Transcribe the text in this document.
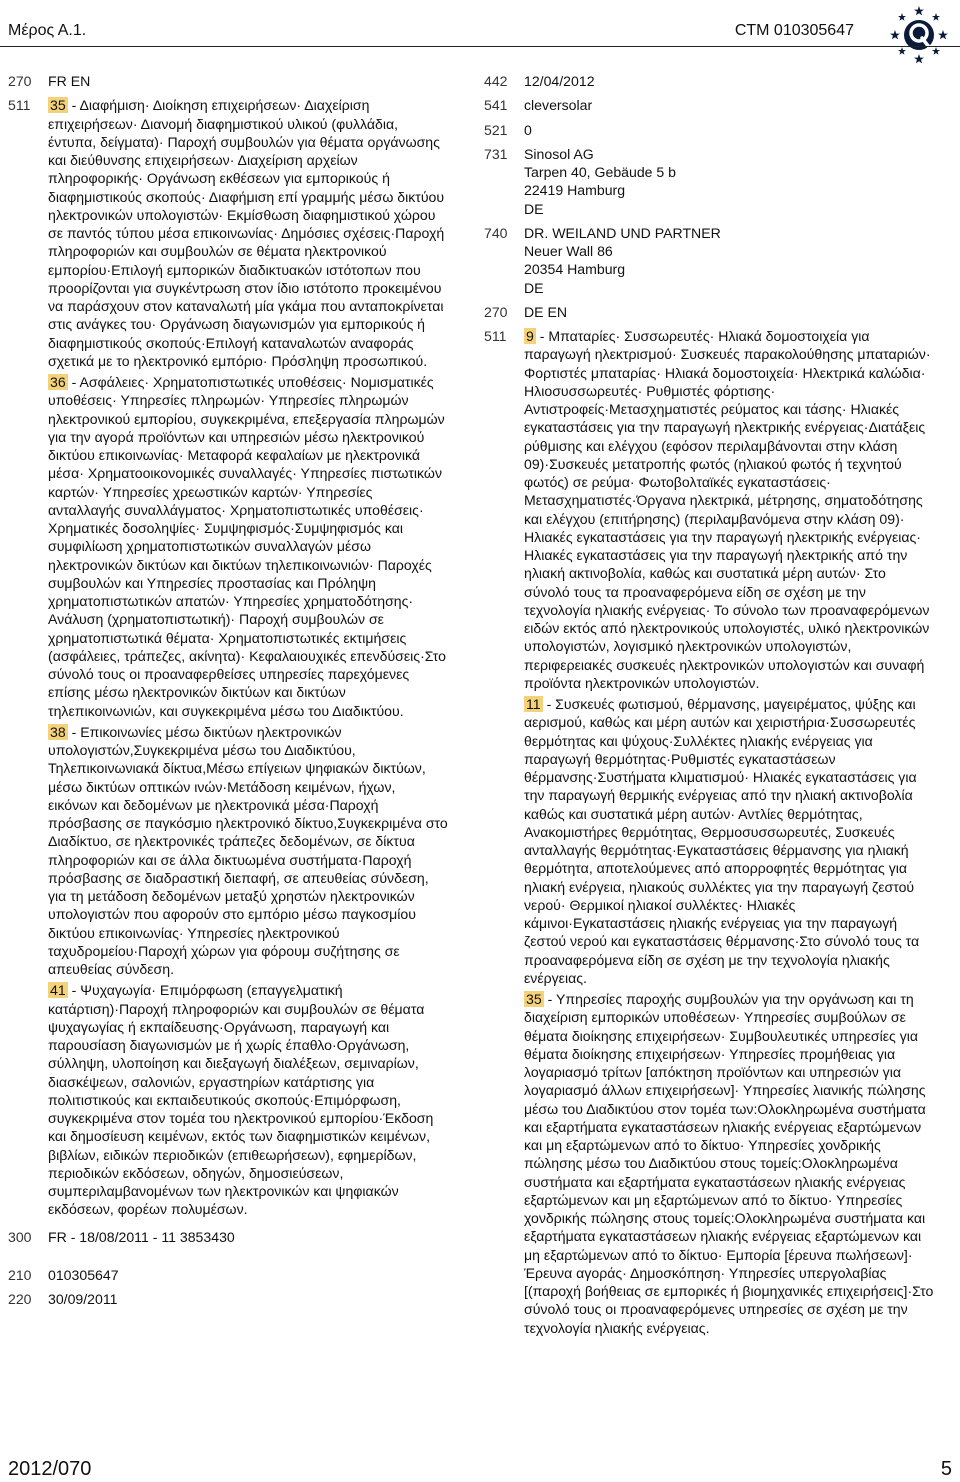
Μέρος Α.1.	CTM 010305647
270	FR EN
511	35 - Διαφήμιση· Διοίκηση επιχειρήσεων· Διαχείριση επιχειρήσεων· Διανομή διαφημιστικού υλικού (φυλλάδια, έντυπα, δείγματα)· Παροχή συμβουλών για θέματα οργάνωσης και διεύθυνσης επιχειρήσεων· Διαχείριση αρχείων πληροφορικής· Οργάνωση εκθέσεων για εμπορικούς ή διαφημιστικούς σκοπούς· Διαφήμιση επί γραμμής μέσω δικτύου ηλεκτρονικών υπολογιστών· Εκμίσθωση διαφημιστικού χώρου σε παντός τύπου μέσα επικοινωνίας· Δημόσιες σχέσεις·Παροχή πληροφοριών και συμβουλών σε θέματα ηλεκτρονικού εμπορίου·Επιλογή εμπορικών διαδικτυακών ιστότοπων που προορίζονται για συγκέντρωση στον ίδιο ιστότοπο προκειμένου να παράσχουν στον καταναλωτή μία γκάμα που ανταποκρίνεται στις ανάγκες του· Οργάνωση διαγωνισμών για εμπορικούς ή διαφημιστικούς σκοπούς·Επιλογή καταναλωτών αναφοράς σχετικά με το ηλεκτρονικό εμπόριο· Πρόσληψη προσωπικού.

36 - Ασφάλειες· Χρηματοπιστωτικές υποθέσεις· Νομισματικές υποθέσεις· Υπηρεσίες πληρωμών· Υπηρεσίες πληρωμών ηλεκτρονικού εμπορίου, συγκεκριμένα, επεξεργασία πληρωμών για την αγορά προϊόντων και υπηρεσιών μέσω ηλεκτρονικού δικτύου επικοινωνίας· Μεταφορά κεφαλαίων με ηλεκτρονικά μέσα· Χρηματοοικονομικές συναλλαγές· Υπηρεσίες πιστωτικών καρτών· Υπηρεσίες χρεωστικών καρτών· Υπηρεσίες ανταλλαγής συναλλάγματος· Χρηματοπιστωτικές υποθέσεις· Χρηματικές δοσοληψίες· Συμψηφισμός·Συμψηφισμός και συμφιλίωση χρηματοπιστωτικών συναλλαγών μέσω ηλεκτρονικών δικτύων και δικτύων τηλεπικοινωνιών· Παροχές συμβουλών και Υπηρεσίες προστασίας και Πρόληψη χρηματοπιστωτικών απατών· Υπηρεσίες χρηματοδότησης· Ανάλυση (χρηματοπιστωτική)· Παροχή συμβουλών σε χρηματοπιστωτικά θέματα· Χρηματοπιστωτικές εκτιμήσεις (ασφάλειες, τράπεζες, ακίνητα)· Κεφαλαιουχικές επενδύσεις·Στο σύνολό τους οι προαναφερθείσες υπηρεσίες παρεχόμενες επίσης μέσω ηλεκτρονικών δικτύων και δικτύων τηλεπικοινωνιών, και συγκεκριμένα μέσω του Διαδικτύου.

38 - Επικοινωνίες μέσω δικτύων ηλεκτρονικών υπολογιστών,Συγκεκριμένα μέσω του Διαδικτύου, Τηλεπικοινωνιακά δίκτυα,Μέσω επίγειων ψηφιακών δικτύων, μέσω δικτύων οπτικών ινών·Μετάδοση κειμένων, ήχων, εικόνων και δεδομένων με ηλεκτρονικά μέσα·Παροχή πρόσβασης σε παγκόσμιο ηλεκτρονικό δίκτυο,Συγκεκριμένα στο Διαδίκτυο, σε ηλεκτρονικές τράπεζες δεδομένων, σε δίκτυα πληροφοριών και σε άλλα δικτυωμένα συστήματα·Παροχή πρόσβασης σε διαδραστική διεπαφή, σε απευθείας σύνδεση, για τη μετάδοση δεδομένων μεταξύ χρηστών ηλεκτρονικών υπολογιστών που αφορούν στο εμπόριο μέσω παγκοσμίου δικτύου επικοινωνίας· Υπηρεσίες ηλεκτρονικού ταχυδρομείου·Παροχή χώρων για φόρουμ συζήτησης σε απευθείας σύνδεση.

41 - Ψυχαγωγία· Επιμόρφωση (επαγγελματική κατάρτιση)·Παροχή πληροφοριών και συμβουλών σε θέματα ψυχαγωγίας ή εκπαίδευσης·Οργάνωση, παραγωγή και παρουσίαση διαγωνισμών με ή χωρίς έπαθλο·Οργάνωση, σύλληψη, υλοποίηση και διεξαγωγή διαλέξεων, σεμιναρίων, διασκέψεων, σαλονιών, εργαστηρίων κατάρτισης για πολιτιστικούς και εκπαιδευτικούς σκοπούς·Επιμόρφωση, συγκεκριμένα στον τομέα του ηλεκτρονικού εμπορίου·Έκδοση και δημοσίευση κειμένων, εκτός των διαφημιστικών κειμένων, βιβλίων, ειδικών περιοδικών (επιθεωρήσεων), εφημερίδων, περιοδικών εκδόσεων, οδηγών, δημοσιεύσεων, συμπεριλαμβανομένων των ηλεκτρονικών και ψηφιακών εκδόσεων, φορέων πολυμέσων.

300	FR - 18/08/2011 - 11 3853430
210	010305647
220	30/09/2011
442	12/04/2012
541	cleversolar
521	0
731	Sinosol AG
Tarpen 40, Gebäude 5 b
22419 Hamburg
DE
740	DR. WEILAND UND PARTNER
Neuer Wall 86
20354 Hamburg
DE
270	DE EN
511	9 - Μπαταρίες· Συσσωρευτές· Ηλιακά δομοστοιχεία για παραγωγή ηλεκτρισμού· Συσκευές παρακολούθησης μπαταριών· Φορτιστές μπαταρίας· Ηλιακά δομοστοιχεία· Ηλεκτρικά καλώδια· Ηλιοσυσσωρευτές· Ρυθμιστές φόρτισης· Αντιστροφείς·Μετασχηματιστές ρεύματος και τάσης· Ηλιακές εγκαταστάσεις για την παραγωγή ηλεκτρικής ενέργειας·Διατάξεις ρύθμισης και ελέγχου (εφόσον περιλαμβάνονται στην κλάση 09)·Συσκευές μετατροπής φωτός (ηλιακού φωτός ή τεχνητού φωτός) σε ρεύμα· Φωτοβολταϊκές εγκαταστάσεις· Μετασχηματιστές·Όργανα ηλεκτρικά, μέτρησης, σηματοδότησης και ελέγχου (επιτήρησης) (περιλαμβανόμενα στην κλάση 09)· Ηλιακές εγκαταστάσεις για την παραγωγή ηλεκτρικής ενέργειας· Ηλιακές εγκαταστάσεις για την παραγωγή ηλεκτρικής από την ηλιακή ακτινοβολία, καθώς και συστατικά μέρη αυτών· Στο σύνολό τους τα προαναφερόμενα είδη σε σχέση με την τεχνολογία ηλιακής ενέργειας· Το σύνολο των προαναφερόμενων ειδών εκτός από ηλεκτρονικούς υπολογιστές, υλικό ηλεκτρονικών υπολογιστών, λογισμικό ηλεκτρονικών υπολογιστών, περιφερειακές συσκευές ηλεκτρονικών υπολογιστών και συναφή προϊόντα ηλεκτρονικών υπολογιστών.

11 - Συσκευές φωτισμού, θέρμανσης, μαγειρέματος, ψύξης και αερισμού, καθώς και μέρη αυτών και χειριστήρια·Συσσωρευτές θερμότητας και ψύχους·Συλλέκτες ηλιακής ενέργειας για παραγωγή θερμότητας·Ρυθμιστές εγκαταστάσεων θέρμανσης·Συστήματα κλιματισμού· Ηλιακές εγκαταστάσεις για την παραγωγή θερμικής ενέργειας από την ηλιακή ακτινοβολία καθώς και συστατικά μέρη αυτών· Αντλίες θερμότητας, Ανακομιστήρες θερμότητας, Θερμοσυσσωρευτές, Συσκευές ανταλλαγής θερμότητας·Εγκαταστάσεις θέρμανσης για ηλιακή θερμότητα, αποτελούμενες από απορροφητές θερμότητας για ηλιακή ενέργεια, ηλιακούς συλλέκτες για την παραγωγή ζεστού νερού· Θερμικοί ηλιακοί συλλέκτες· Ηλιακές κάμινοι·Εγκαταστάσεις ηλιακής ενέργειας για την παραγωγή ζεστού νερού και εγκαταστάσεις θέρμανσης·Στο σύνολό τους τα προαναφερόμενα είδη σε σχέση με την τεχνολογία ηλιακής ενέργειας.

35 - Υπηρεσίες παροχής συμβουλών για την οργάνωση και τη διαχείριση εμπορικών υποθέσεων· Υπηρεσίες συμβούλων σε θέματα διοίκησης επιχειρήσεων· Συμβουλευτικές υπηρεσίες για θέματα διοίκησης επιχειρήσεων· Υπηρεσίες προμήθειας για λογαριασμό τρίτων [απόκτηση προϊόντων και υπηρεσιών για λογαριασμό άλλων επιχειρήσεων]· Υπηρεσίες λιανικής πώλησης μέσω του Διαδικτύου στον τομέα των:Ολοκληρωμένα συστήματα και εξαρτήματα εγκαταστάσεων ηλιακής ενέργειας εξαρτώμενων και μη εξαρτώμενων από το δίκτυο· Υπηρεσίες χονδρικής πώλησης μέσω του Διαδικτύου στους τομείς:Ολοκληρωμένα συστήματα και εξαρτήματα εγκαταστάσεων ηλιακής ενέργειας εξαρτώμενων και μη εξαρτώμενων από το δίκτυο· Υπηρεσίες χονδρικής πώλησης στους τομείς:Ολοκληρωμένα συστήματα και εξαρτήματα εγκαταστάσεων ηλιακής ενέργειας εξαρτώμενων και μη εξαρτώμενων από το δίκτυο· Εμπορία [έρευνα πωλήσεων]· Έρευνα αγοράς· Δημοσκόπηση· Υπηρεσίες υπεργολαβίας [(παροχή βοήθειας σε εμπορικές ή βιομηχανικές επιχειρήσεις]·Στο σύνολό τους οι προαναφερόμενες υπηρεσίες σε σχέση με την τεχνολογία ηλιακής ενέργειας.

2012/070	5
